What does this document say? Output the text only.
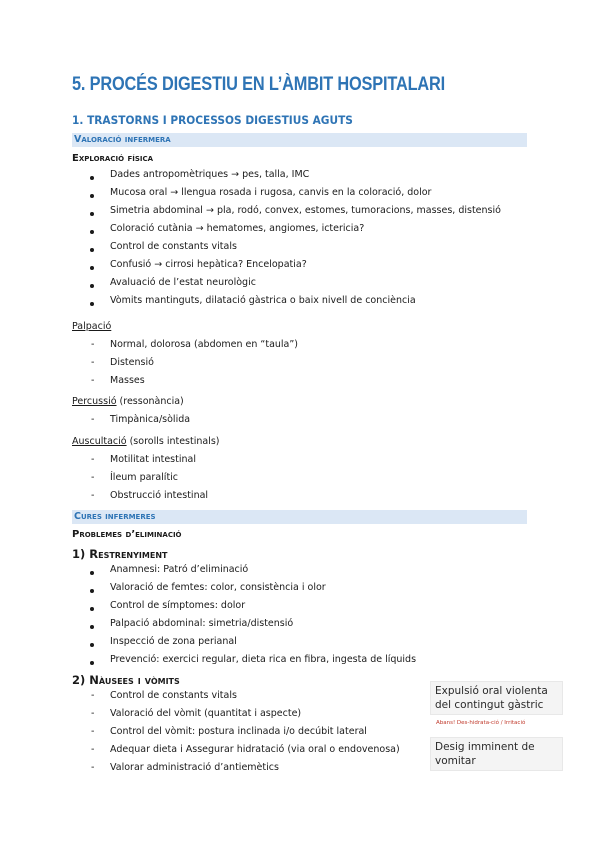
5. PROCÉS DIGESTIU EN L’ÀMBIT HOSPITALARI
1. TRASTORNS I PROCESSOS DIGESTIUS AGUTS
Valoració infermera
Exploració física
Dades antropomètriques → pes, talla, IMC
Mucosa oral → llengua rosada i rugosa, canvis en la coloració, dolor
Simetria abdominal → pla, rodó, convex, estomes, tumoracions, masses, distensió
Coloració cutània → hematomes, angiomes, ictericia?
Control de constants vitals
Confusió → cirrosi hepàtica? Encelopatia?
Avaluació de l’estat neurològic
Vòmits mantinguts, dilatació gàstrica o baix nivell de conciència
Palpació
- Normal, dolorosa (abdomen en “taula”)
- Distensió
- Masses
Percussió (ressonància)
- Timpànica/sòlida
Auscultació (sorolls intestinals)
- Motilitat intestinal
- Íleum paralític
- Obstrucció intestinal
Cures infermeres
Problemes d’eliminació
1) Restrenyiment
Anamnesi: Patró d’eliminació
Valoració de femtes: color, consistència i olor
Control de símptomes: dolor
Palpació abdominal: simetria/distensió
Inspecció de zona perianal
Prevenció: exercici regular, dieta rica en fibra, ingesta de líquids
2) Nàusees i vòmits
- Control de constants vitals
- Valoració del vòmit (quantitat i aspecte)
- Control del vòmit: postura inclinada i/o decúbit lateral
- Adequar dieta i Assegurar hidratació (via oral o endovenosa)
- Valorar administració d’antiemètics
Expulsió oral violenta del contingut gàstric
Abans! Des-hidrata-ció / Irritació
Desig imminent de vomitar
